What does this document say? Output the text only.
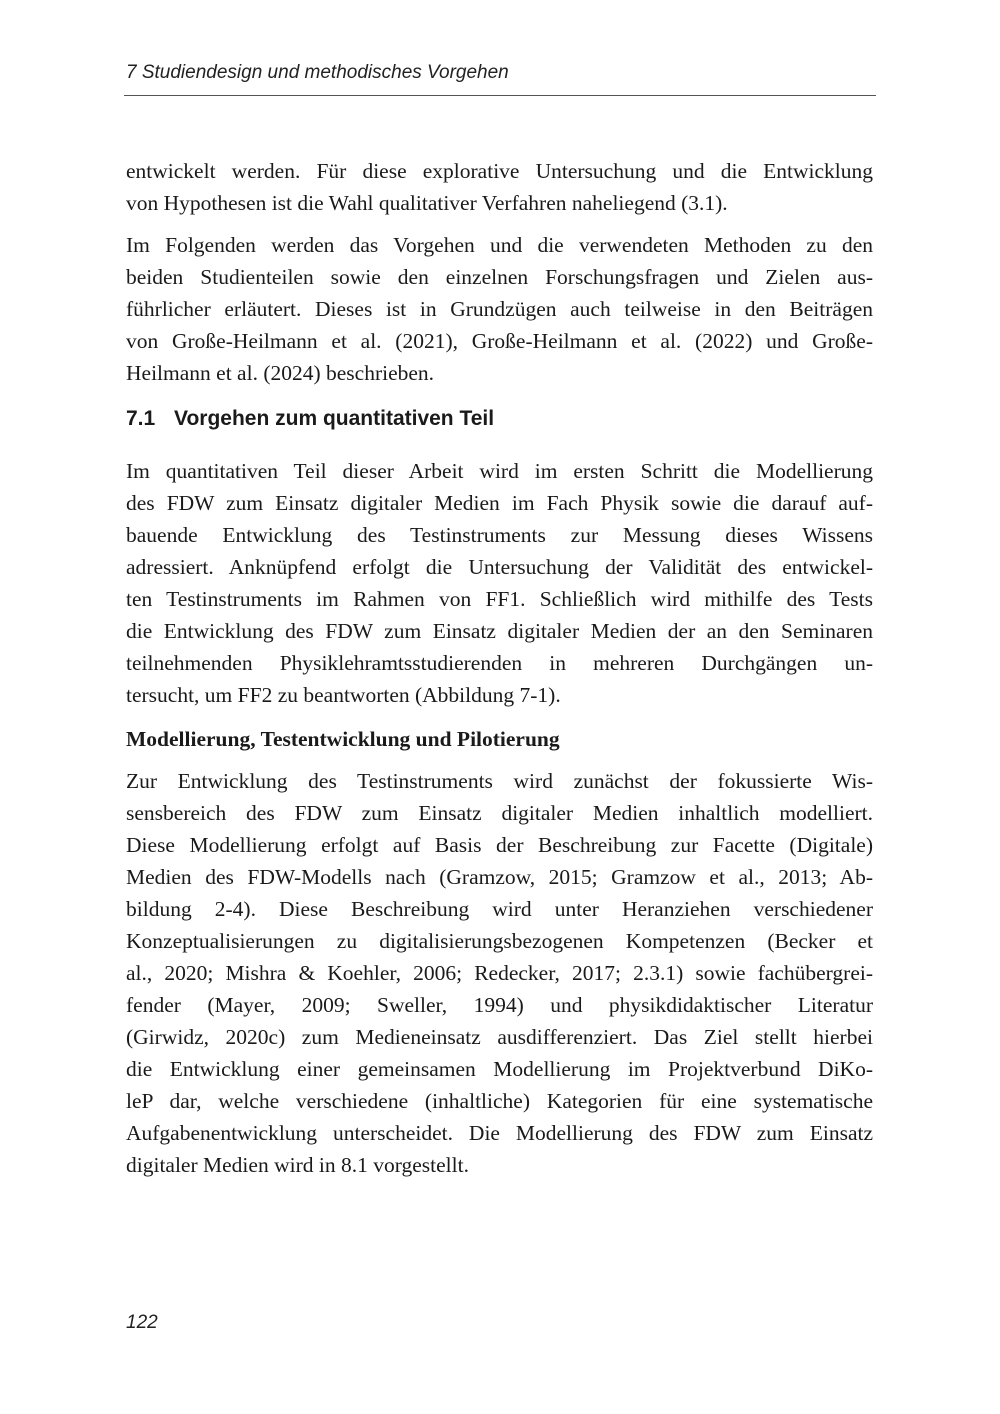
7 Studiendesign und methodisches Vorgehen
entwickelt werden. Für diese explorative Untersuchung und die Entwicklung
von Hypothesen ist die Wahl qualitativer Verfahren naheliegend (3.1).
Im Folgenden werden das Vorgehen und die verwendeten Methoden zu den
beiden Studienteilen sowie den einzelnen Forschungsfragen und Zielen aus-
führlicher erläutert. Dieses ist in Grundzügen auch teilweise in den Beiträgen
von Große-Heilmann et al. (2021), Große-Heilmann et al. (2022) und Große-
Heilmann et al. (2024) beschrieben.
7.1 Vorgehen zum quantitativen Teil
Im quantitativen Teil dieser Arbeit wird im ersten Schritt die Modellierung
des FDW zum Einsatz digitaler Medien im Fach Physik sowie die darauf auf-
bauende Entwicklung des Testinstruments zur Messung dieses Wissens
adressiert. Anknüpfend erfolgt die Untersuchung der Validität des entwickel-
ten Testinstruments im Rahmen von FF1. Schließlich wird mithilfe des Tests
die Entwicklung des FDW zum Einsatz digitaler Medien der an den Seminaren
teilnehmenden Physiklehramtsstudierenden in mehreren Durchgängen un-
tersucht, um FF2 zu beantworten (Abbildung 7-1).
Modellierung, Testentwicklung und Pilotierung
Zur Entwicklung des Testinstruments wird zunächst der fokussierte Wis-
sensbereich des FDW zum Einsatz digitaler Medien inhaltlich modelliert.
Diese Modellierung erfolgt auf Basis der Beschreibung zur Facette (Digitale)
Medien des FDW-Modells nach (Gramzow, 2015; Gramzow et al., 2013; Ab-
bildung 2-4). Diese Beschreibung wird unter Heranziehen verschiedener
Konzeptualisierungen zu digitalisierungsbezogenen Kompetenzen (Becker et
al., 2020; Mishra & Koehler, 2006; Redecker, 2017; 2.3.1) sowie fachübergrei-
fender (Mayer, 2009; Sweller, 1994) und physikdidaktischer Literatur
(Girwidz, 2020c) zum Medieneinsatz ausdifferenziert. Das Ziel stellt hierbei
die Entwicklung einer gemeinsamen Modellierung im Projektverbund DiKo-
leP dar, welche verschiedene (inhaltliche) Kategorien für eine systematische
Aufgabenentwicklung unterscheidet. Die Modellierung des FDW zum Einsatz
digitaler Medien wird in 8.1 vorgestellt.
122
